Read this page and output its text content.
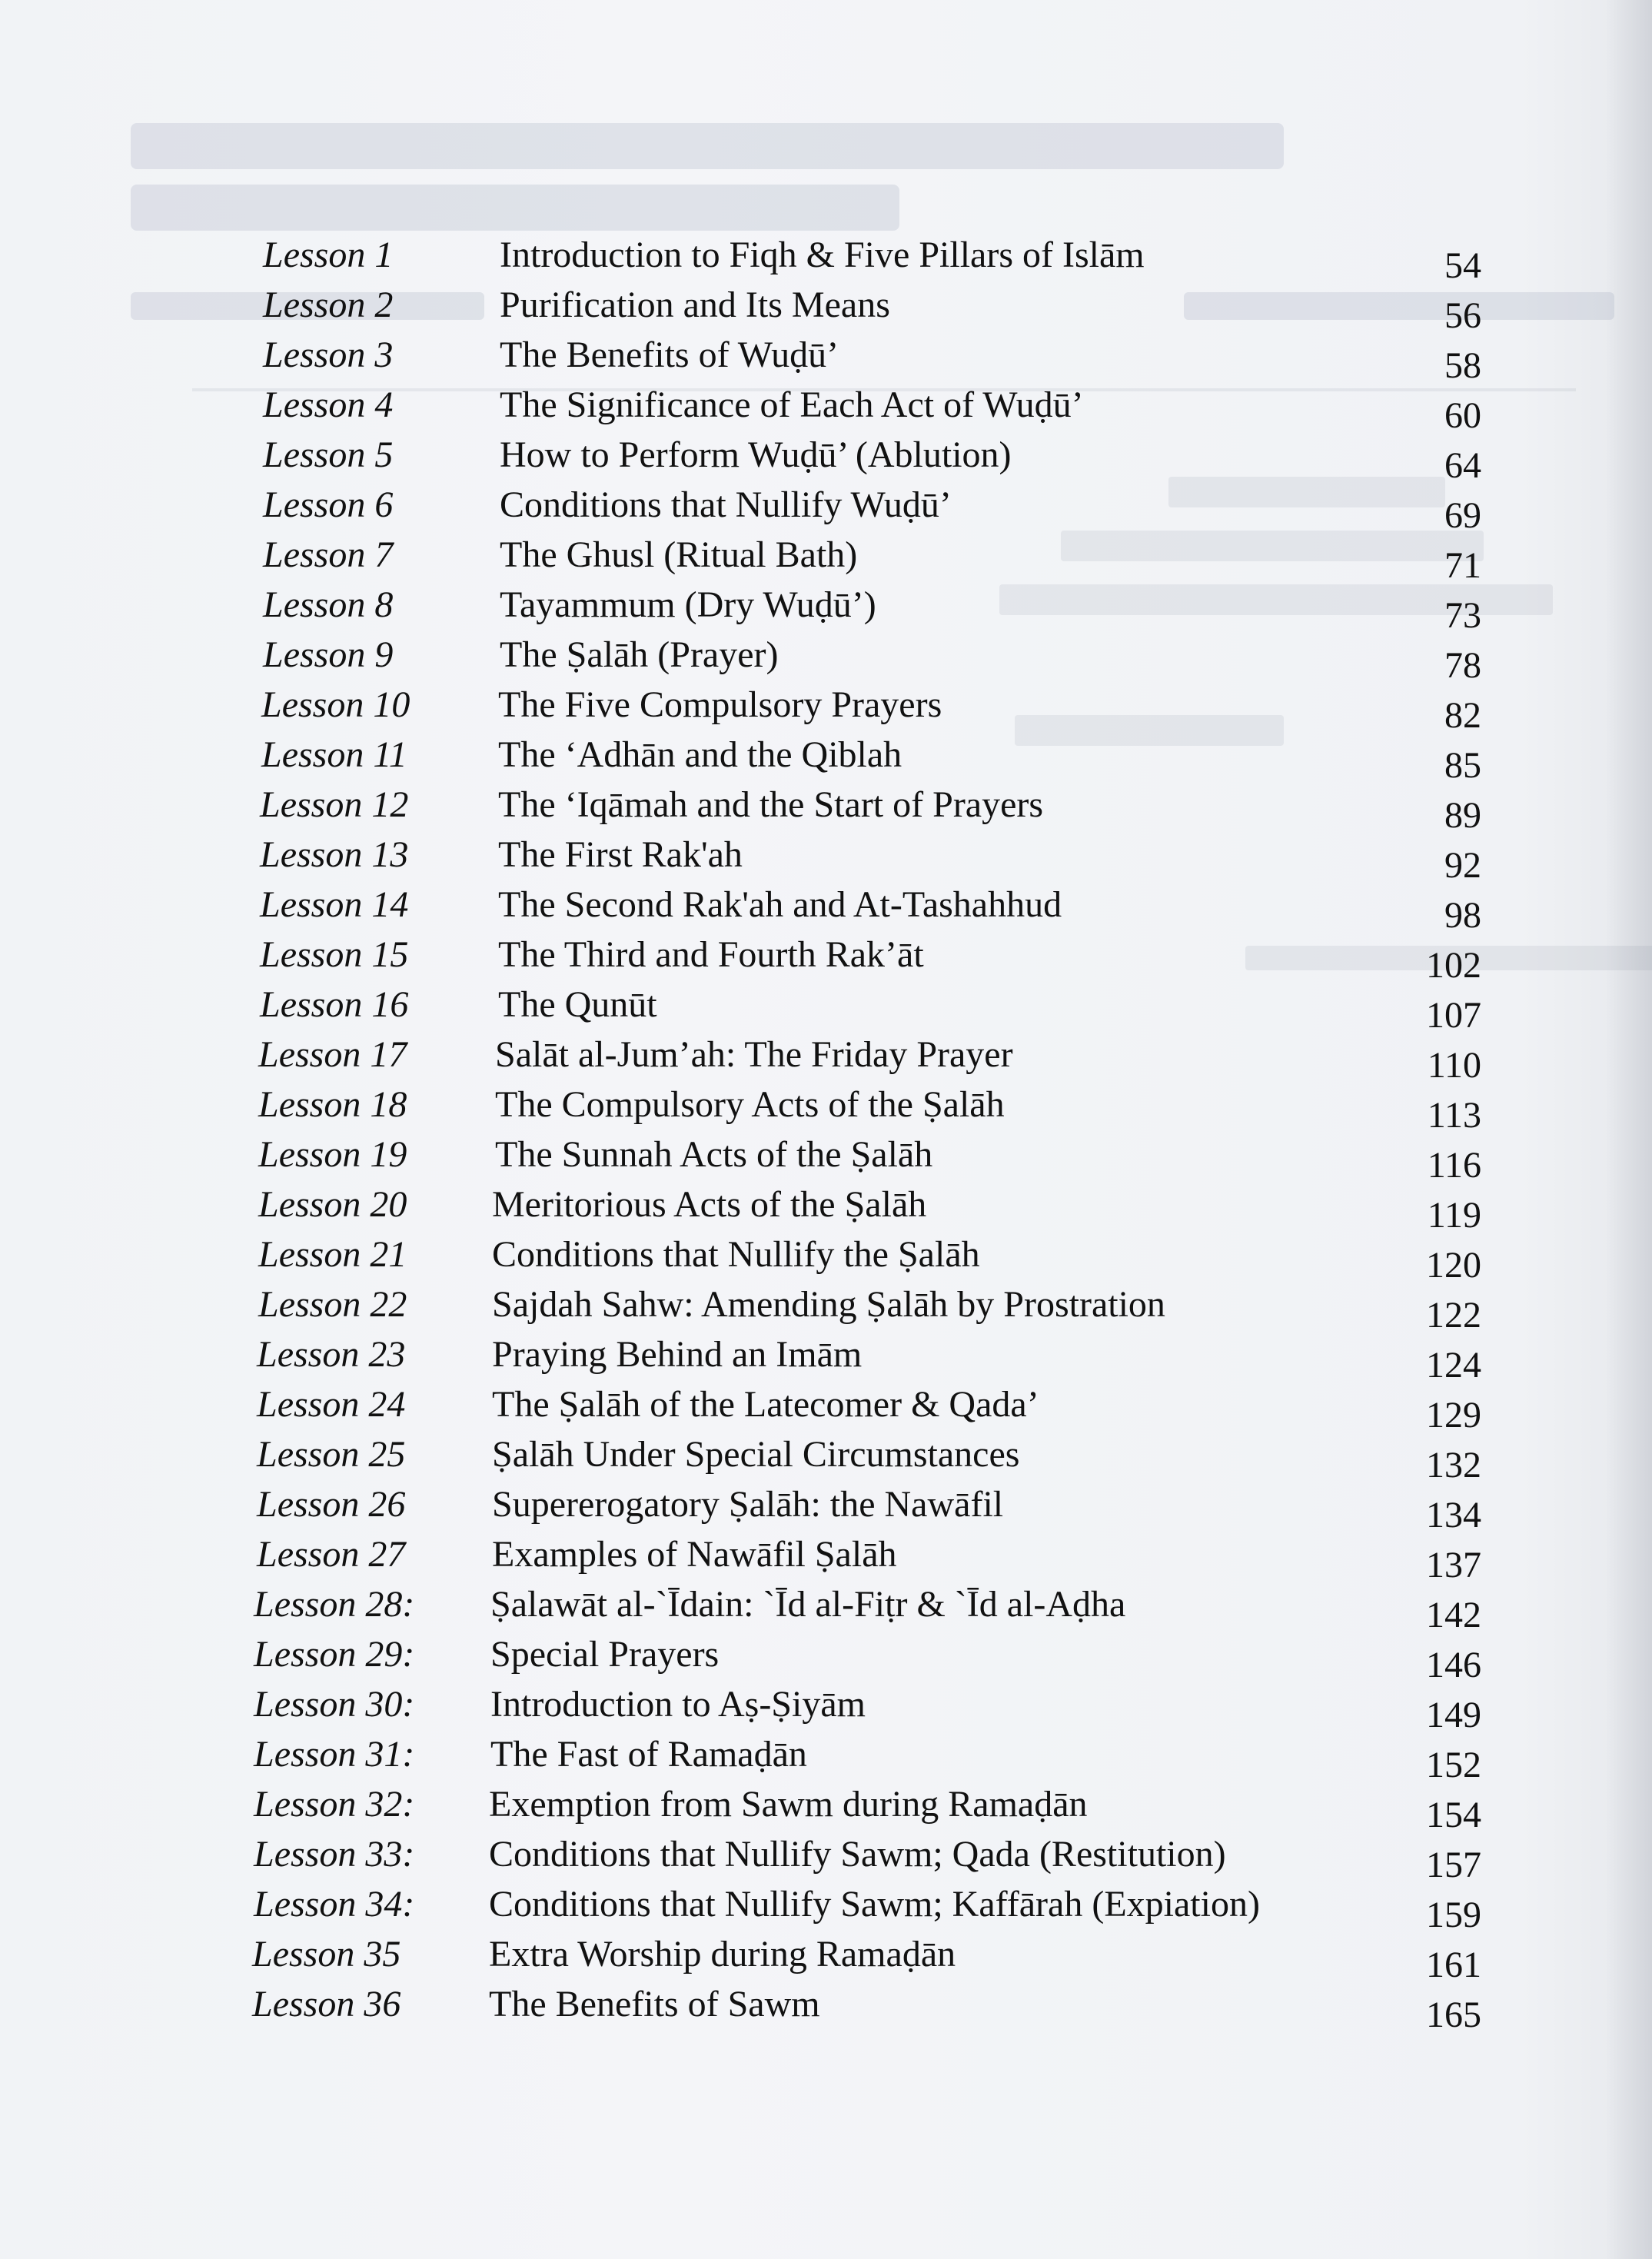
Lesson 1	Introduction to Fiqh & Five Pillars of Islām	54
Lesson 2	Purification and Its Means	56
Lesson 3	The Benefits of Wuḍū’	58
Lesson 4	The Significance of Each Act of Wuḍū’	60
Lesson 5	How to Perform Wuḍū’ (Ablution)	64
Lesson 6	Conditions that Nullify Wuḍū’	69
Lesson 7	The Ghusl (Ritual Bath)	71
Lesson 8	Tayammum (Dry Wuḍū’)	73
Lesson 9	The Ṣalāh (Prayer)	78
Lesson 10 The Five Compulsory Prayers	82
Lesson 11 The ‘Adhān and the Qiblah	85
Lesson 12 The ‘Iqāmah and the Start of Prayers	89
Lesson 13 The First Rak'ah	92
Lesson 14 The Second Rak'ah and At-Tashahhud	98
Lesson 15 The Third and Fourth Rak’āt	102
Lesson 16 The Qunūt	107
Lesson 17 Salāt al-Jum’ah: The Friday Prayer	110
Lesson 18 The Compulsory Acts of the Ṣalāh	113
Lesson 19 The Sunnah Acts of the Ṣalāh	116
Lesson 20 Meritorious Acts of the Ṣalāh	119
Lesson 21 Conditions that Nullify the Ṣalāh	120
Lesson 22 Sajdah Sahw: Amending Ṣalāh by Prostration	122
Lesson 23 Praying Behind an Imām	124
Lesson 24 The Ṣalāh of the Latecomer & Qada’	129
Lesson 25 Ṣalāh Under Special Circumstances	132
Lesson 26 Supererogatory Ṣalāh: the Nawāfil	134
Lesson 27 Examples of Nawāfil Ṣalāh	137
Lesson 28: Ṣalawāt al-`Īdain: `Īd al-Fiṭr & `Īd al-Aḍha	142
Lesson 29: Special Prayers	146
Lesson 30: Introduction to Aṣ-Ṣiyām	149
Lesson 31: The Fast of Ramaḍān	152
Lesson 32: Exemption from Sawm during Ramaḍān	154
Lesson 33: Conditions that Nullify Sawm; Qada (Restitution)	157
Lesson 34: Conditions that Nullify Sawm; Kaffārah (Expiation)	159
Lesson 35 Extra Worship during Ramaḍān	161
Lesson 36 The Benefits of Sawm	165
